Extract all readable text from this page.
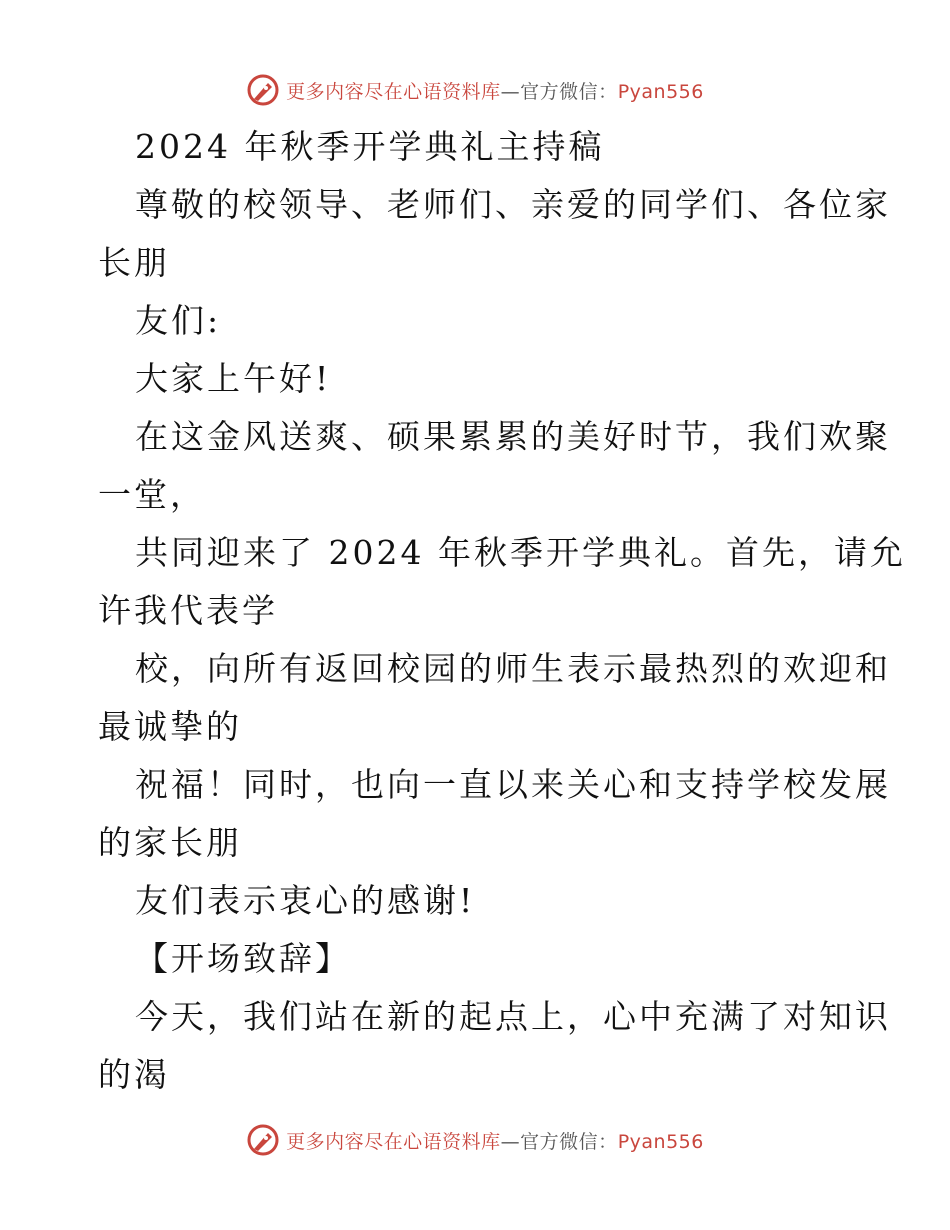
更多内容尽在心语资料库—官方微信：Pyan556
2024 年秋季开学典礼主持稿
尊敬的校领导、老师们、亲爱的同学们、各位家
长朋
友们:
大家上午好!
在这金风送爽、硕果累累的美好时节，我们欢聚
一堂，
共同迎来了 2024 年秋季开学典礼。首先，请允
许我代表学
校，向所有返回校园的师生表示最热烈的欢迎和
最诚挚的
祝福！同时，也向一直以来关心和支持学校发展
的家长朋
友们表示衷心的感谢!
【开场致辞】
今天，我们站在新的起点上，心中充满了对知识
的渴
更多内容尽在心语资料库—官方微信：Pyan556
